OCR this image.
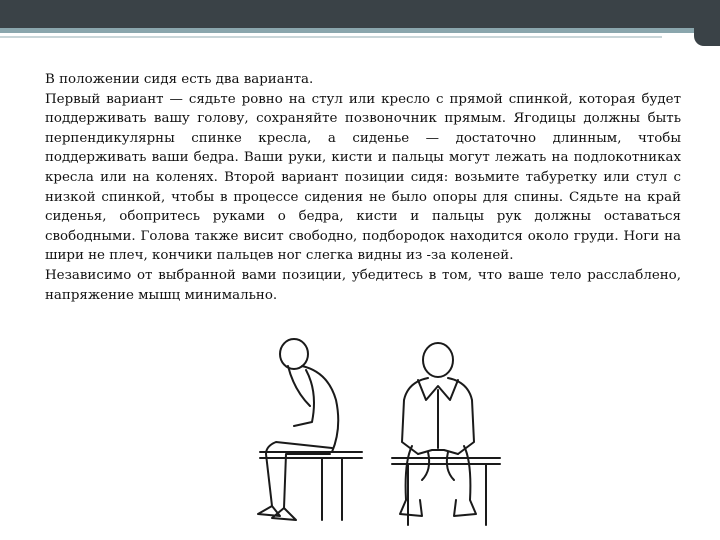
В положении сидя есть два варианта.

Первый вариант — сядьте ровно на стул или кресло с прямой спинкой, которая будет поддерживать вашу голову, сохраняйте позвоночник прямым. Ягодицы должны быть перпендикулярны спинке кресла, а сиденье — достаточно длинным, чтобы поддерживать ваши бедра. Ваши руки, кисти и пальцы могут лежать на подлокотниках кресла или на коленях. Второй вариант позиции сидя: возьмите табуретку или стул с низкой спинкой, чтобы в процессе сидения не было опоры для спины. Сядьте на край сиденья, обопритесь руками о бедра, кисти и пальцы рук должны оставаться свободными. Голова также висит свободно, подбородок находится около груди. Ноги на шири не плеч, кончики пальцев ног слегка видны из -за коленей.

Независимо от выбранной вами позиции, убедитесь в том, что ваше тело расслаблено, напряжение мышц минимально.
